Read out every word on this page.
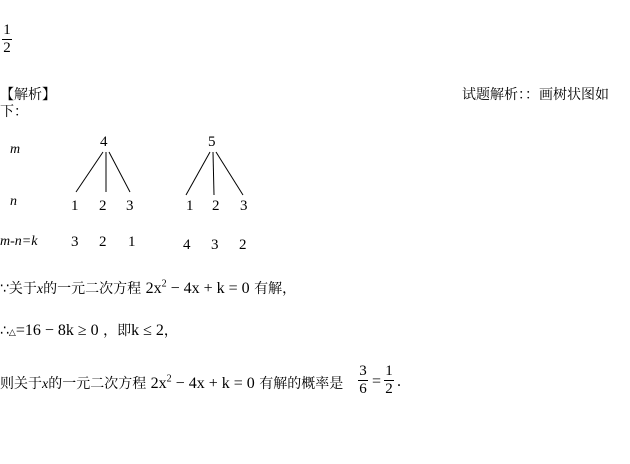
1
2
【解析】	试题解析：：画树状图如
下：
m
n
m-n=k
4
1 2 3
3 2 1
5
1 2 3
4 3 2
∵关于x的一元二次方程 $2x^2 - 4x + k = 0$ 有解，
∴△=16 − 8k ≥ 0 ，即k ≤ 2，
则关于x的一元二次方程 $2x^2 - 4x + k = 0$ 有解的概率是
3
6 =
1
2 .
